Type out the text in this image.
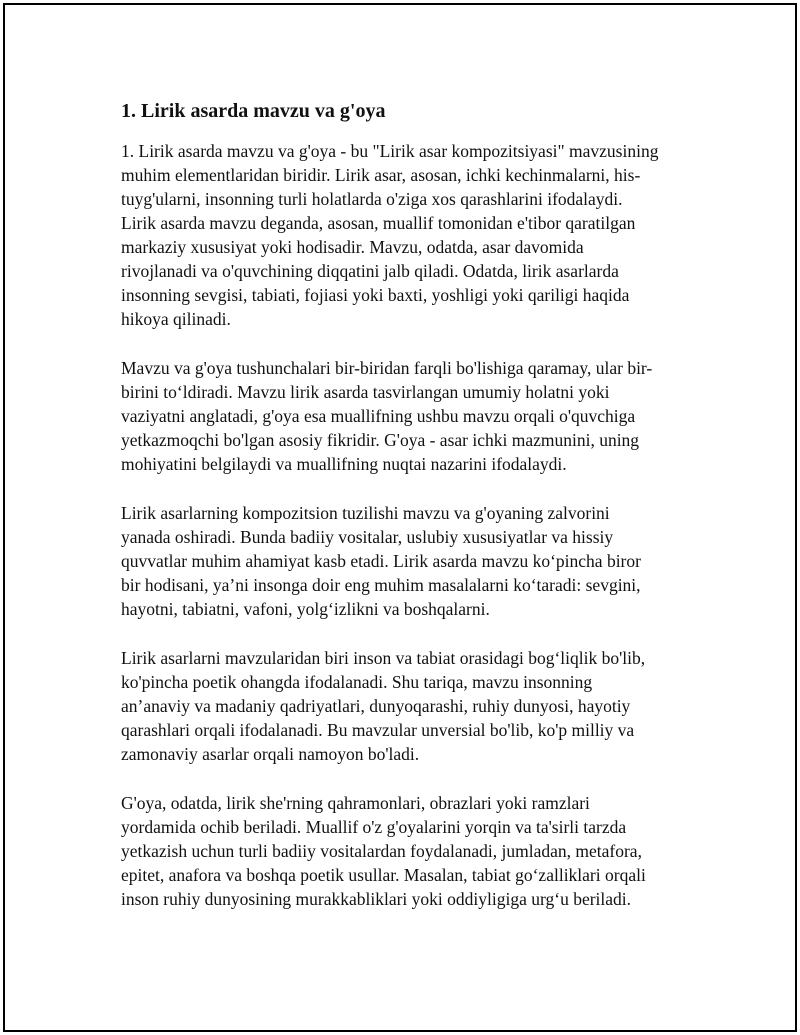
1. Lirik asarda mavzu va g'oya

1. Lirik asarda mavzu va g'oya - bu "Lirik asar kompozitsiyasi" mavzusining
muhim elementlaridan biridir. Lirik asar, asosan, ichki kechinmalarni, his-
tuyg'ularni, insonning turli holatlarda o'ziga xos qarashlarini ifodalaydi.
Lirik asarda mavzu deganda, asosan, muallif tomonidan e'tibor qaratilgan
markaziy xususiyat yoki hodisadir. Mavzu, odatda, asar davomida
rivojlanadi va o'quvchining diqqatini jalb qiladi. Odatda, lirik asarlarda
insonning sevgisi, tabiati, fojiasi yoki baxti, yoshligi yoki qariligi haqida
hikoya qilinadi.

Mavzu va g'oya tushunchalari bir-biridan farqli bo'lishiga qaramay, ular bir-
birini to‘ldiradi. Mavzu lirik asarda tasvirlangan umumiy holatni yoki
vaziyatni anglatadi, g'oya esa muallifning ushbu mavzu orqali o'quvchiga
yetkazmoqchi bo'lgan asosiy fikridir. G'oya - asar ichki mazmunini, uning
mohiyatini belgilaydi va muallifning nuqtai nazarini ifodalaydi.

Lirik asarlarning kompozitsion tuzilishi mavzu va g'oyaning zalvorini
yanada oshiradi. Bunda badiiy vositalar, uslubiy xususiyatlar va hissiy
quvvatlar muhim ahamiyat kasb etadi. Lirik asarda mavzu ko‘pincha biror
bir hodisani, ya’ni insonga doir eng muhim masalalarni ko‘taradi: sevgini,
hayotni, tabiatni, vafoni, yolg‘izlikni va boshqalarni.

Lirik asarlarni mavzularidan biri inson va tabiat orasidagi bog‘liqlik bo'lib,
ko'pincha poetik ohangda ifodalanadi. Shu tariqa, mavzu insonning
an’anaviy va madaniy qadriyatlari, dunyoqarashi, ruhiy dunyosi, hayotiy
qarashlari orqali ifodalanadi. Bu mavzular unversial bo'lib, ko'p milliy va
zamonaviy asarlar orqali namoyon bo'ladi.

G'oya, odatda, lirik she'rning qahramonlari, obrazlari yoki ramzlari
yordamida ochib beriladi. Muallif o'z g'oyalarini yorqin va ta'sirli tarzda
yetkazish uchun turli badiiy vositalardan foydalanadi, jumladan, metafora,
epitet, anafora va boshqa poetik usullar. Masalan, tabiat go‘zalliklari orqali
inson ruhiy dunyosining murakkabliklari yoki oddiyligiga urg‘u beriladi.
